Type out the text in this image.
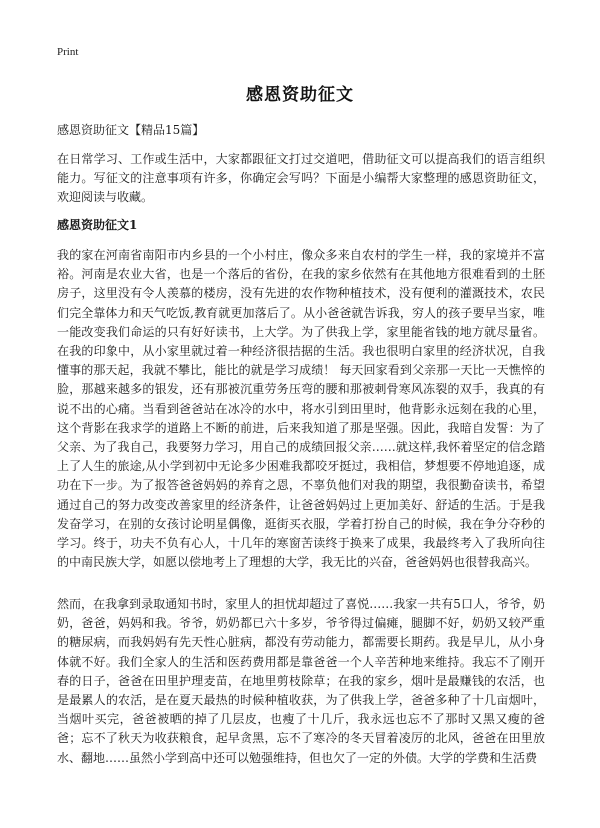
Print
感恩资助征文
感恩资助征文【精品15篇】
在日常学习、工作或生活中，大家都跟征文打过交道吧，借助征文可以提高我们的语言组织能力。写征文的注意事项有许多，你确定会写吗？下面是小编帮大家整理的感恩资助征文，欢迎阅读与收藏。
感恩资助征文1
我的家在河南省南阳市内乡县的一个小村庄，像众多来自农村的学生一样，我的家境并不富裕。河南是农业大省，也是一个落后的省份，在我的家乡依然有在其他地方很难看到的土胚房子，这里没有令人羡慕的楼房，没有先进的农作物种植技术，没有便利的灌溉技术，农民们完全靠体力和天气吃饭,教育就更加落后了。从小爸爸就告诉我，穷人的孩子要早当家，唯一能改变我们命运的只有好好读书，上大学。为了供我上学，家里能省钱的地方就尽量省。在我的印象中，从小家里就过着一种经济很拮据的生活。我也很明白家里的经济状况，自我懂事的那天起，我就不攀比，能比的就是学习成绩！ 每天回家看到父亲那一天比一天憔悴的脸，那越来越多的银发，还有那被沉重劳务压弯的腰和那被刺骨寒风冻裂的双手，我真的有说不出的心痛。当看到爸爸站在冰冷的水中，将水引到田里时，他背影永远刻在我的心里，这个背影在我求学的道路上不断的前进，后来我知道了那是坚强。因此，我暗自发誓：为了父亲、为了我自己，我要努力学习，用自己的成绩回报父亲……就这样,我怀着坚定的信念踏上了人生的旅途,从小学到初中无论多少困难我都咬牙挺过，我相信，梦想要不停地追逐，成功在下一步。为了报答爸爸妈妈的养育之恩，不辜负他们对我的期望，我很勤奋读书，希望通过自己的努力改变改善家里的经济条件，让爸爸妈妈过上更加美好、舒适的生活。于是我发奋学习，在别的女孩讨论明星偶像，逛街买衣服，学着打扮自己的时候，我在争分夺秒的学习。终于，功夫不负有心人，十几年的寒窗苦读终于换来了成果，我最终考入了我所向往的中南民族大学，如愿以偿地考上了理想的大学，我无比的兴奋，爸爸妈妈也很替我高兴。
然而，在我拿到录取通知书时，家里人的担忧却超过了喜悦……我家一共有5口人，爷爷，奶奶，爸爸，妈妈和我。爷爷，奶奶都已六十多岁，爷爷得过偏瘫，腿脚不好，奶奶又较严重的糖尿病，而我妈妈有先天性心脏病，都没有劳动能力，都需要长期药。我是早儿，从小身体就不好。我们全家人的生活和医药费用都是靠爸爸一个人辛苦种地来维持。我忘不了刚开春的日子，爸爸在田里护理麦苗，在地里剪枝除草；在我的家乡，烟叶是最赚钱的农活，也是最累人的农活，是在夏天最热的时候种植收获，为了供我上学，爸爸多种了十几亩烟叶，当烟叶买完，爸爸被晒的掉了几层皮，也瘦了十几斤，我永远也忘不了那时又黑又瘦的爸爸；忘不了秋天为收获粮食，起早贪黑，忘不了寒冷的冬天冒着凌厉的北风，爸爸在田里放水、翻地……虽然小学到高中还可以勉强维持，但也欠了一定的外债。大学的学费和生活费
